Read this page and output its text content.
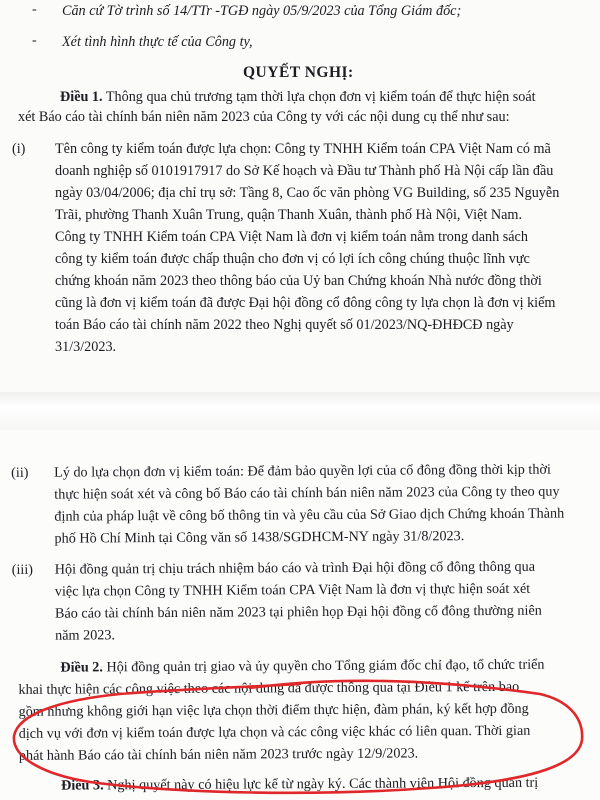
- Căn cứ Tờ trình số 14/TTr -TGĐ ngày 05/9/2023 của Tổng Giám đốc;
- Xét tình hình thực tế của Công ty,
QUYẾT NGHỊ:
Điều 1. Thông qua chủ trương tạm thời lựa chọn đơn vị kiểm toán để thực hiện soát
xét Báo cáo tài chính bán niên năm 2023 của Công ty với các nội dung cụ thể như sau:
(i) Tên công ty kiểm toán được lựa chọn: Công ty TNHH Kiểm toán CPA Việt Nam có mã
doanh nghiệp số 0101917917 do Sở Kế hoạch và Đầu tư Thành phố Hà Nội cấp lần đầu
ngày 03/04/2006; địa chỉ trụ sở: Tầng 8, Cao ốc văn phòng VG Building, số 235 Nguyễn
Trãi, phường Thanh Xuân Trung, quận Thanh Xuân, thành phố Hà Nội, Việt Nam.
Công ty TNHH Kiểm toán CPA Việt Nam là đơn vị kiểm toán nằm trong danh sách
công ty kiểm toán được chấp thuận cho đơn vị có lợi ích công chúng thuộc lĩnh vực
chứng khoán năm 2023 theo thông báo của Uỷ ban Chứng khoán Nhà nước đồng thời
cũng là đơn vị kiểm toán đã được Đại hội đồng cổ đông công ty lựa chọn là đơn vị kiểm
toán Báo cáo tài chính năm 2022 theo Nghị quyết số 01/2023/NQ-ĐHĐCĐ ngày
31/3/2023.
(ii) Lý do lựa chọn đơn vị kiểm toán: Để đảm bảo quyền lợi của cổ đông đồng thời kịp thời
thực hiện soát xét và công bố Báo cáo tài chính bán niên năm 2023 của Công ty theo quy
định của pháp luật về công bố thông tin và yêu cầu của Sở Giao dịch Chứng khoán Thành
phố Hồ Chí Minh tại Công văn số 1438/SGDHCM-NY ngày 31/8/2023.
(iii) Hội đồng quản trị chịu trách nhiệm báo cáo và trình Đại hội đồng cổ đông thông qua
việc lựa chọn Công ty TNHH Kiểm toán CPA Việt Nam là đơn vị thực hiện soát xét
Báo cáo tài chính bán niên năm 2023 tại phiên họp Đại hội đồng cổ đông thường niên
năm 2023.
Điều 2. Hội đồng quản trị giao và ủy quyền cho Tổng giám đốc chỉ đạo, tổ chức triển
khai thực hiện các công việc theo các nội dung đã được thông qua tại Điều 1 kể trên bao
gồm nhưng không giới hạn việc lựa chọn thời điểm thực hiện, đàm phán, ký kết hợp đồng
dịch vụ với đơn vị kiểm toán được lựa chọn và các công việc khác có liên quan. Thời gian
phát hành Báo cáo tài chính bán niên năm 2023 trước ngày 12/9/2023.
Điều 3. Nghị quyết này có hiệu lực kể từ ngày ký. Các thành viên Hội đồng quản trị
